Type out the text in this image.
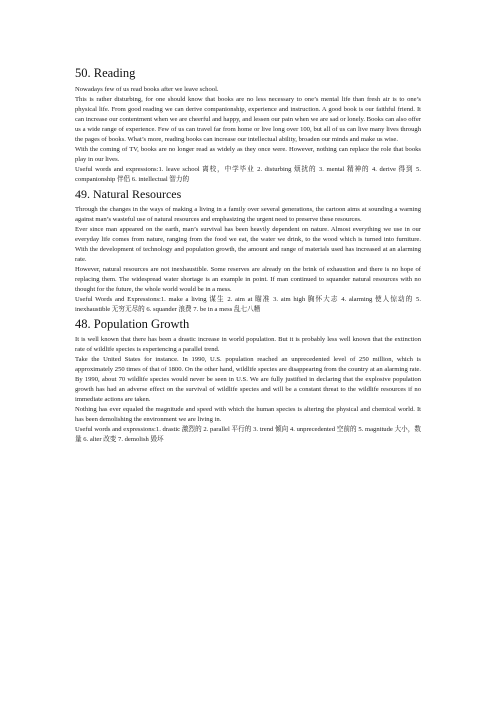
50. Reading

Nowadays few of us read books after we leave school.

This is rather disturbing, for one should know that books are no less necessary to one’s mental life than fresh air is to one’s physical life. From good reading we can derive companionship, experience and instruction. A good book is our faithful friend. It can increase our contentment when we are cheerful and happy, and lessen our pain when we are sad or lonely. Books can also offer us a wide range of experience. Few of us can travel far from home or live long over 100, but all of us can live many lives through the pages of books. What’s more, reading books can increase our intellectual ability, broaden our minds and make us wise.

With the coming of TV, books are no longer read as widely as they once were. However, nothing can replace the role that books play in our lives.

Useful words and expressions:1. leave school 离校，中学毕业 2. disturbing 烦扰的 3. mental 精神的 4. derive 得到 5. companionship 伴侣 6. intellectual 智力的

49. Natural Resources

Through the changes in the ways of making a living in a family over several generations, the cartoon aims at sounding a warning against man’s wasteful use of natural resources and emphasizing the urgent need to preserve these resources.

Ever since man appeared on the earth, man’s survival has been heavily dependent on nature. Almost everything we use in our everyday life comes from nature, ranging from the food we eat, the water we drink, to the wood which is turned into furniture. With the development of technology and population growth, the amount and range of materials used has increased at an alarming rate.

However, natural resources are not inexhaustible. Some reserves are already on the brink of exhaustion and there is no hope of replacing them. The widespread water shortage is an example in point. If man continued to squander natural resources with no thought for the future, the whole world would be in a mess.

Useful Words and Expressions:1. make a living 谋生 2. aim at 瞄准 3. aim high 胸怀大志 4. alarming 使人惊动的 5. inexhaustible 无穷无尽的 6. squander 浪费 7. be in a mess 乱七八糟

48. Population Growth

It is well known that there has been a drastic increase in world population. But it is probably less well known that the extinction rate of wildlife species is experiencing a parallel trend.

Take the United States for instance. In 1990, U.S. population reached an unprecedented level of 250 million, which is approximately 250 times of that of 1800. On the other hand, wildlife species are disappearing from the country at an alarming rate. By 1990, about 70 wildlife species would never be seen in U.S. We are fully justified in declaring that the explosive population growth has had an adverse effect on the survival of wildlife species and will be a constant threat to the wildlife resources if no immediate actions are taken.

Nothing has ever equaled the magnitude and speed with which the human species is altering the physical and chemical world. It has been demolishing the environment we are living in.

Useful words and expressions:1. drastic 激烈的 2. parallel 平行的 3. trend 倾向 4. unprecedented 空前的 5. magnitude 大小，数量 6. alter 改变 7. demolish 毁坏
